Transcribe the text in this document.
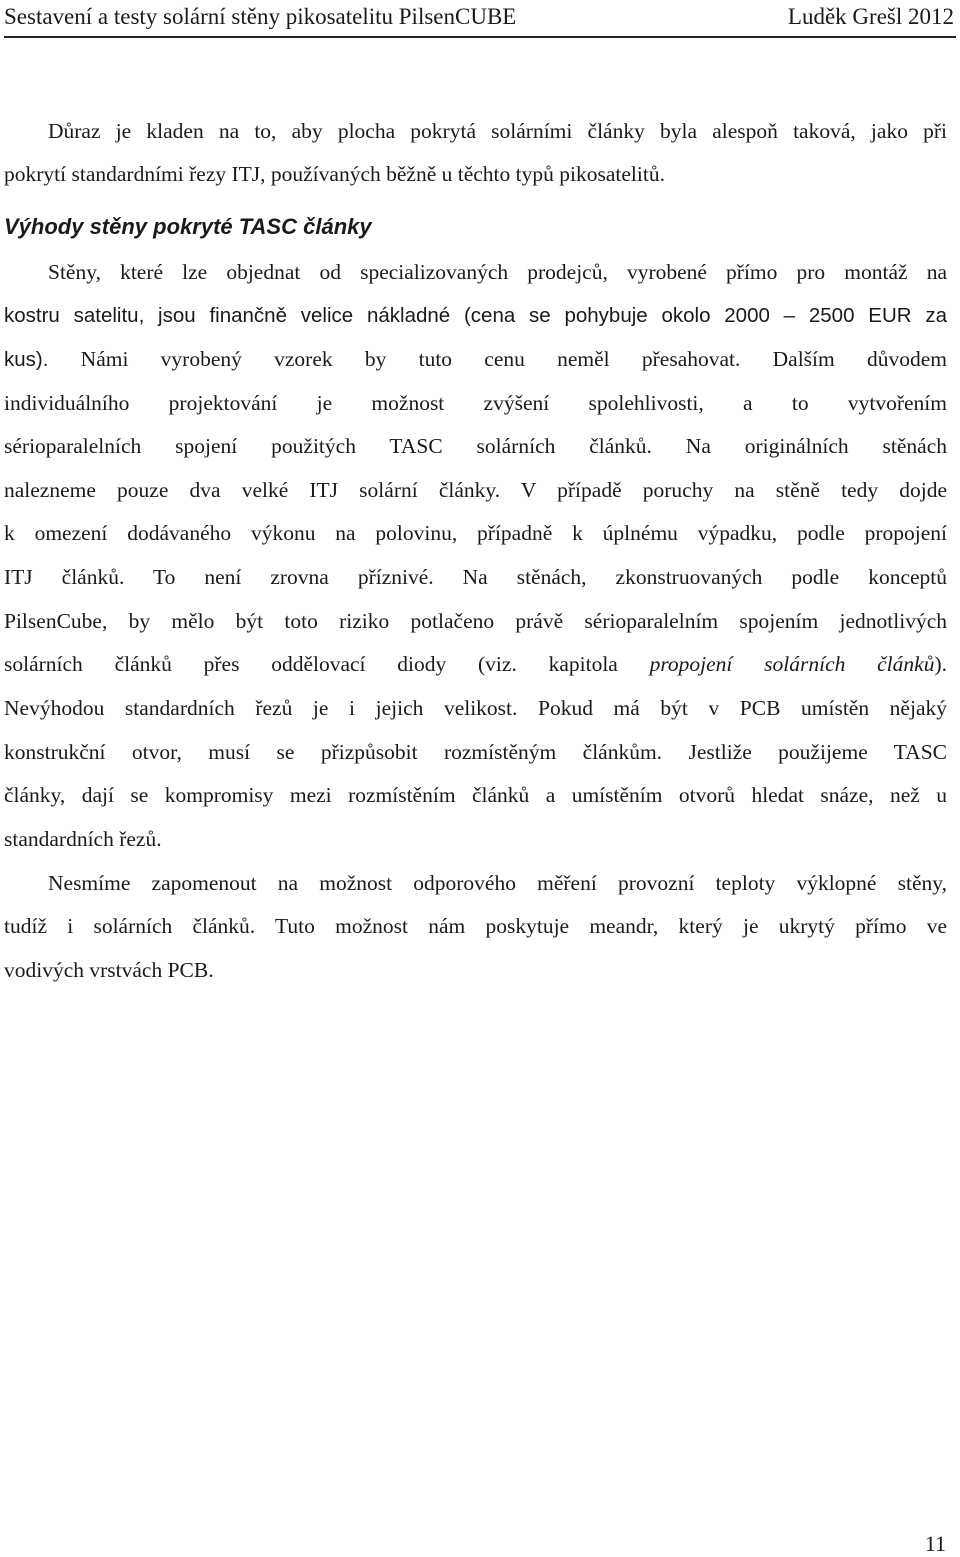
Sestavení a testy solární stěny pikosatelitu PilsenCUBE	Luděk Grešl 2012
Důraz je kladen na to, aby plocha pokrytá solárními články byla alespoň taková, jako při
pokrytí standardními řezy ITJ, používaných běžně u těchto typů pikosatelitů.
Výhody stěny pokryté TASC články
Stěny, které lze objednat od specializovaných prodejců, vyrobené přímo pro montáž na
kostru satelitu, jsou finančně velice nákladné (cena se pohybuje okolo 2000 – 2500 EUR za
kus). Námi vyrobený vzorek by tuto cenu neměl přesahovat. Dalším důvodem
individuálního projektování je možnost zvýšení spolehlivosti, a to vytvořením
sérioparalelních spojení použitých TASC solárních článků. Na originálních stěnách
nalezneme pouze dva velké ITJ solární články. V případě poruchy na stěně tedy dojde
k omezení dodávaného výkonu na polovinu, případně k úplnému výpadku, podle propojení
ITJ článků. To není zrovna příznivé. Na stěnách, zkonstruovaných podle konceptů
PilsenCube, by mělo být toto riziko potlačeno právě sérioparalelním spojením jednotlivých
solárních článků přes oddělovací diody (viz. kapitola propojení solárních článků).
Nevýhodou standardních řezů je i jejich velikost. Pokud má být v PCB umístěn nějaký
konstrukční otvor, musí se přizpůsobit rozmístěným článkům. Jestliže použijeme TASC
články, dají se kompromisy mezi rozmístěním článků a umístěním otvorů hledat snáze, než u
standardních řezů.
Nesmíme zapomenout na možnost odporového měření provozní teploty výklopné stěny,
tudíž i solárních článků. Tuto možnost nám poskytuje meandr, který je ukrytý přímo ve
vodivých vrstvách PCB.
11
